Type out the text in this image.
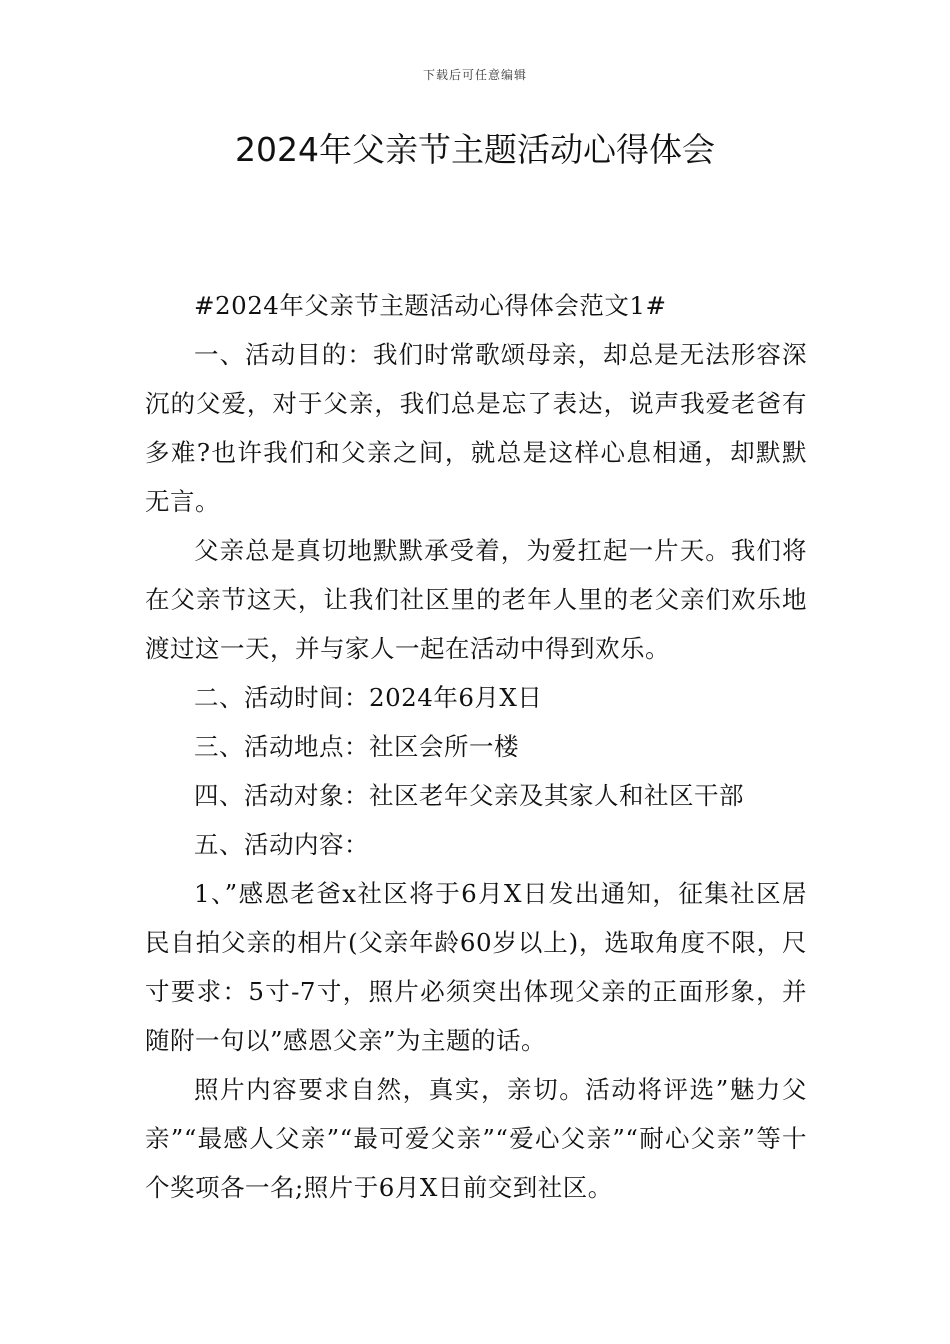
下载后可任意编辑
2024年父亲节主题活动心得体会

#2024年父亲节主题活动心得体会范文1#

一、活动目的：我们时常歌颂母亲，却总是无法形容深沉的父爱，对于父亲，我们总是忘了表达，说声我爱老爸有多难?也许我们和父亲之间，就总是这样心息相通，却默默无言。

父亲总是真切地默默承受着，为爱扛起一片天。我们将在父亲节这天，让我们社区里的老年人里的老父亲们欢乐地渡过这一天，并与家人一起在活动中得到欢乐。

二、活动时间：2024年6月X日

三、活动地点：社区会所一楼

四、活动对象：社区老年父亲及其家人和社区干部

五、活动内容：

1、”感恩老爸x社区将于6月X日发出通知，征集社区居民自拍父亲的相片(父亲年龄60岁以上)，选取角度不限，尺寸要求：5寸-7寸，照片必须突出体现父亲的正面形象，并随附一句以”感恩父亲”为主题的话。

照片内容要求自然，真实，亲切。活动将评选”魅力父亲”“最感人父亲”“最可爱父亲”“爱心父亲”“耐心父亲”等十个奖项各一名;照片于6月X日前交到社区。
